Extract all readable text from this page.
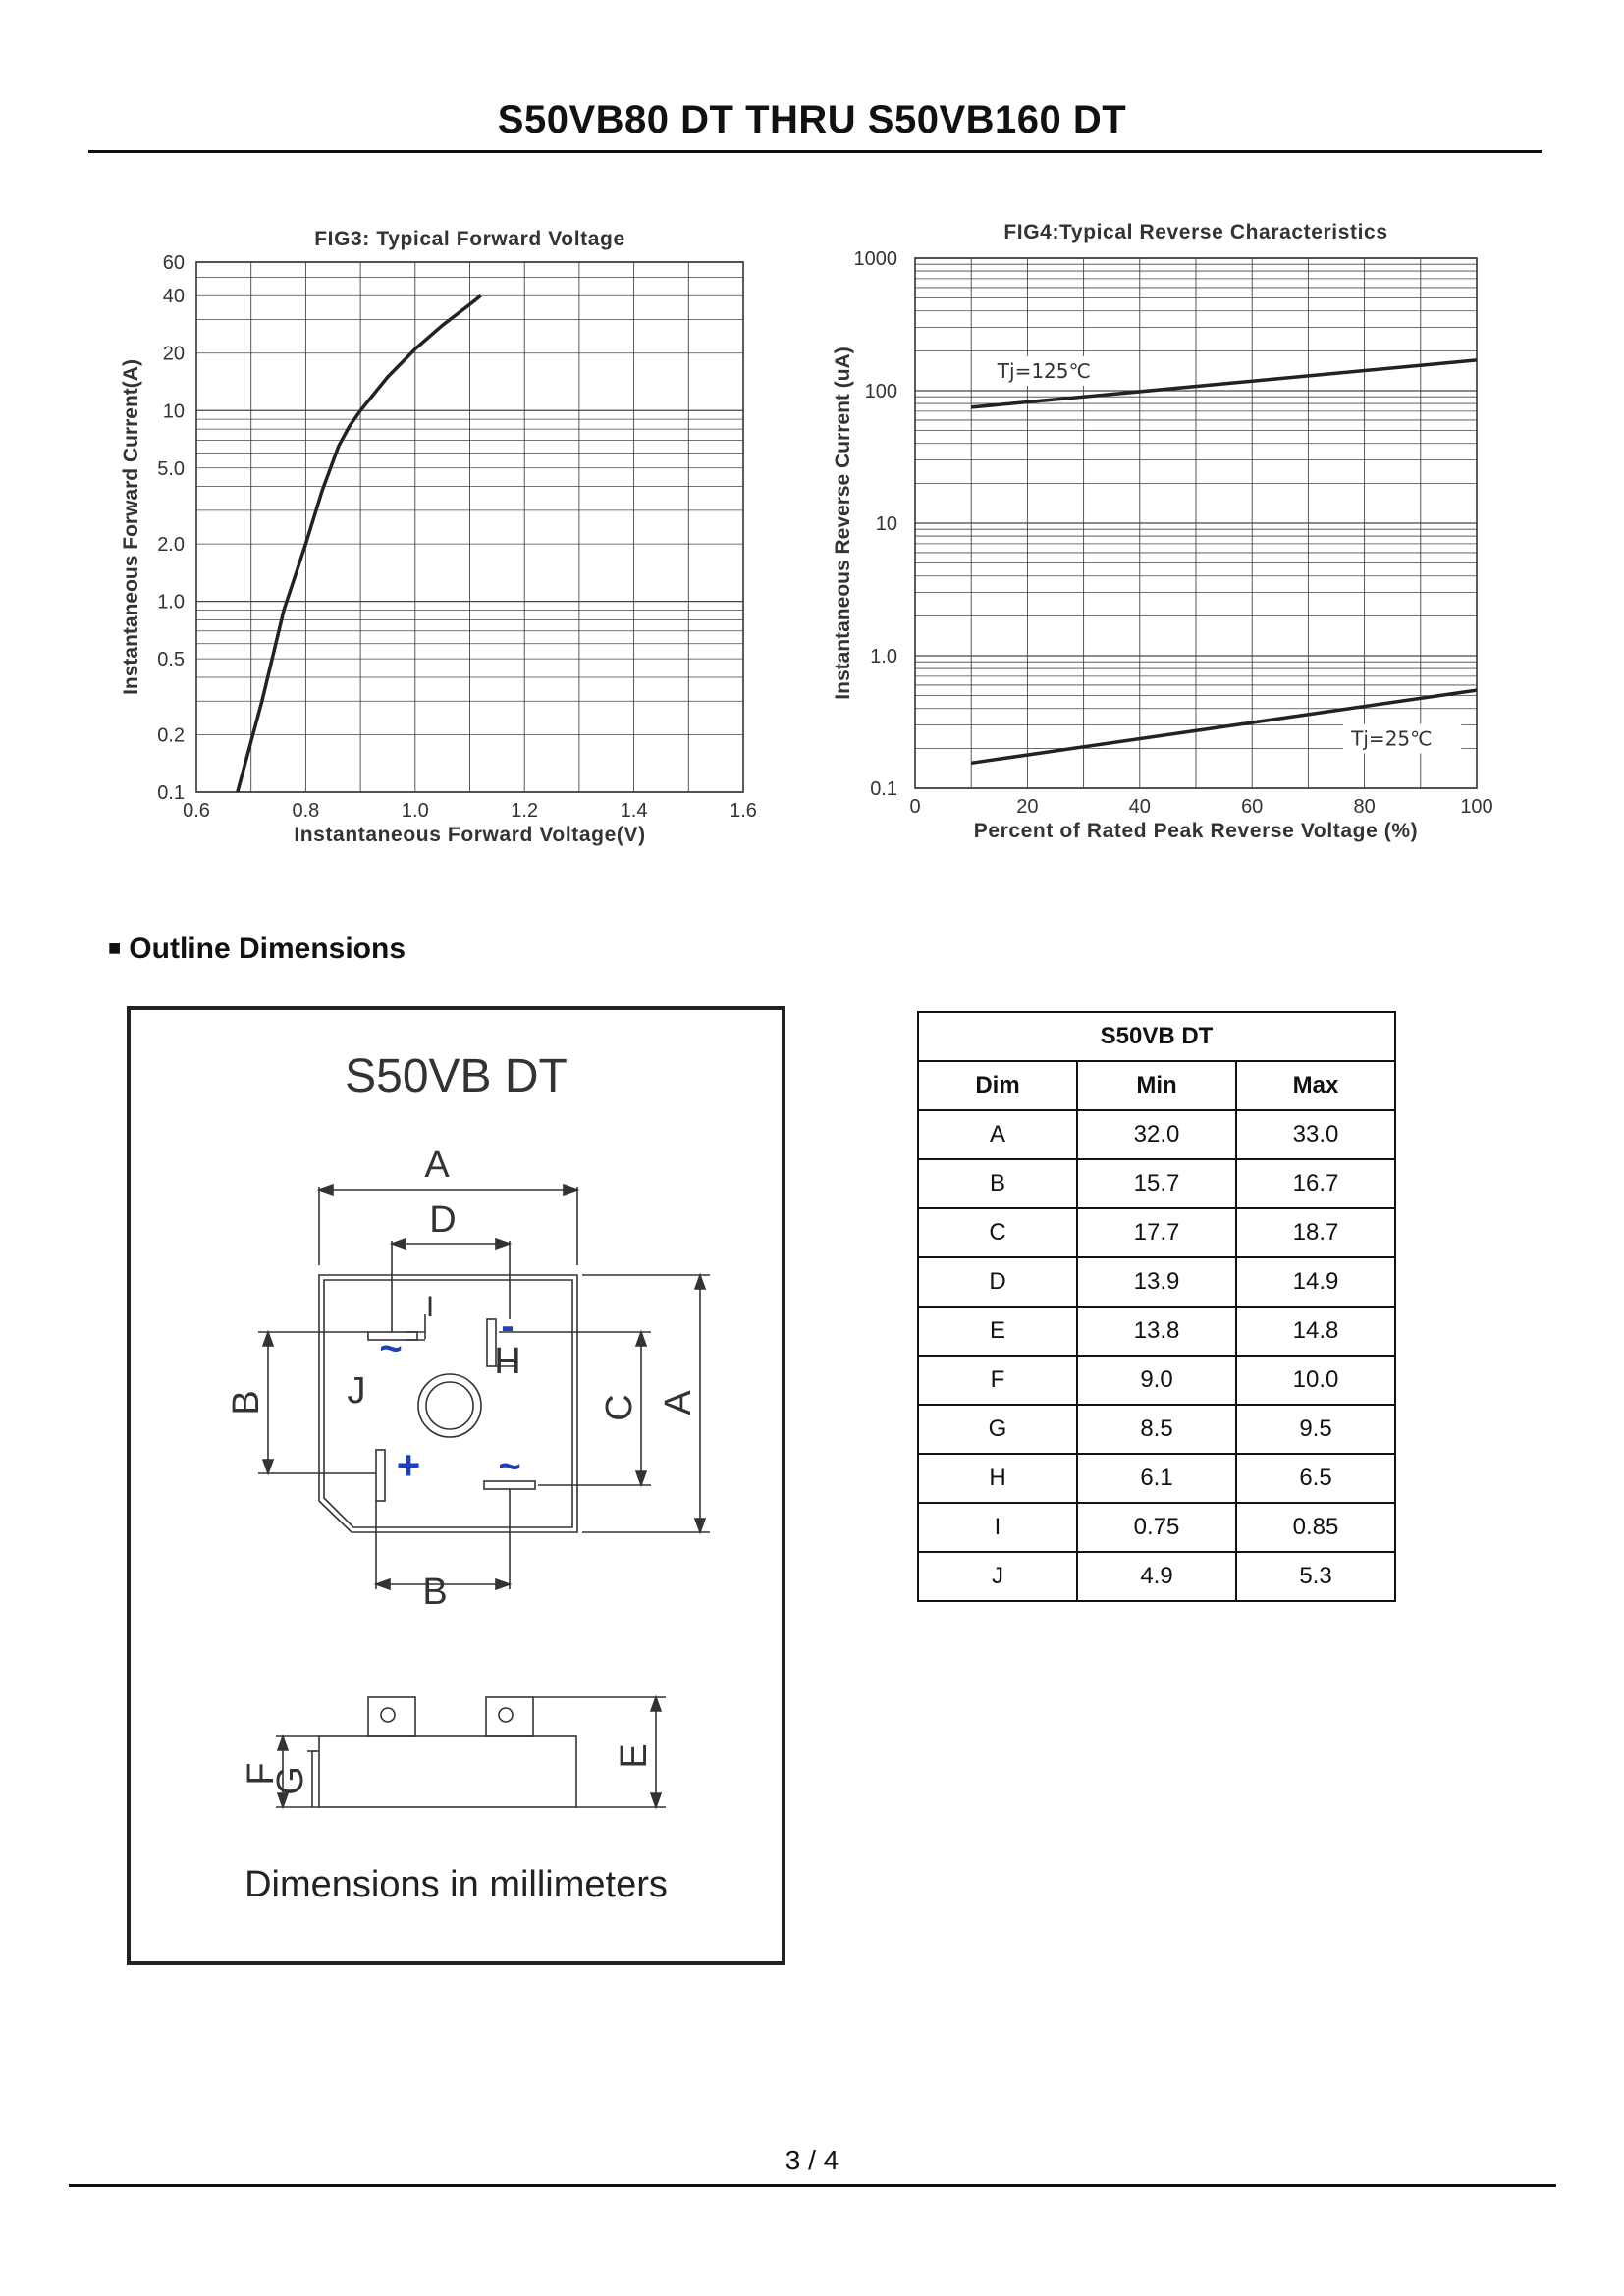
S50VB80 DT THRU S50VB160 DT
0.6	0.8	1.0	1.2	1.4	1.6
0.1
0.2
0.5
1.0
2.0
5.0
10
20
40
60
FIG3: Typical Forward Voltage
Instantaneous Forward Voltage(V)
Instantaneous Forward Current(A)
0	20	40	60	80	100
0.1
1.0
10
100
1000
FIG4:Typical Reverse Characteristics
Percent of Rated Peak Reverse Voltage (%)
Instantaneous Reverse Current (uA)	Tj=125℃
Tj=25℃
■ Outline Dimensions
S50VB DT
A
D
B
J
H
I
A
C
B
E
F
G
~
-
+ ~
Dimensions in millimeters
S50VB DT		
Dim	Min	Max
A	32.0	33.0
B	15.7	16.7
C	17.7	18.7
D	13.9	14.9
E	13.8	14.8
F	9.0	10.0
G	8.5	9.5
H	6.1	6.5
I	0.75	0.85
J	4.9	5.3
3 / 4
